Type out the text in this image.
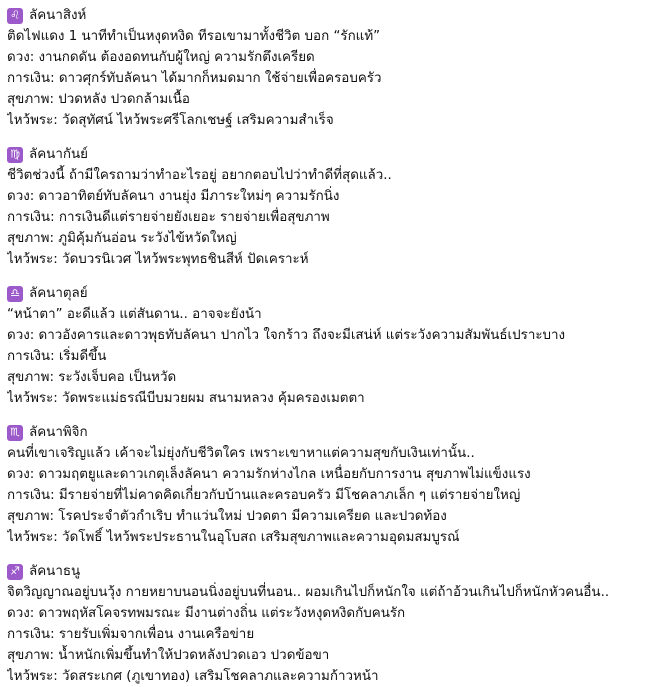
♌ ลัคนาสิงห์
ติดไฟแดง 1 นาทีทำเป็นหงุดหงิด ทีรอเขามาทั้งชีวิต บอก “รักแท้”
ดวง: งานกดดัน ต้องอดทนกับผู้ใหญ่ ความรักตึงเครียด
การเงิน: ดาวศุกร์ทับลัคนา ได้มากก็หมดมาก ใช้จ่ายเพื่อครอบครัว
สุขภาพ: ปวดหลัง ปวดกล้ามเนื้อ
ไหว้พระ: วัดสุทัศน์ ไหว้พระศรีโลกเชษฐ์ เสริมความสำเร็จ
♍ ลัคนากันย์
ชีวิตช่วงนี้ ถ้ามีใครถามว่าทำอะไรอยู่ อยากตอบไปว่าทำดีที่สุดแล้ว..
ดวง: ดาวอาทิตย์ทับลัคนา งานยุ่ง มีภาระใหม่ๆ ความรักนิ่ง
การเงิน: การเงินดีแต่รายจ่ายยังเยอะ รายจ่ายเพื่อสุขภาพ
สุขภาพ: ภูมิคุ้มกันอ่อน ระวังไข้หวัดใหญ่
ไหว้พระ: วัดบวรนิเวศ ไหว้พระพุทธชินสีห์ ปัดเคราะห์
♎ ลัคนาตุลย์
“หน้าตา” อะดีแล้ว แต่สันดาน.. อาจจะยังน้า
ดวง: ดาวอังคารและดาวพุธทับลัคนา ปากไว ใจกร้าว ถึงจะมีเสน่ห์ แต่ระวังความสัมพันธ์เปราะบาง
การเงิน: เริ่มดีขึ้น
สุขภาพ: ระวังเจ็บคอ เป็นหวัด
ไหว้พระ: วัดพระแม่ธรณีบีบมวยผม สนามหลวง คุ้มครองเมตตา
♏ ลัคนาพิจิก
คนที่เขาเจริญแล้ว เค้าจะไม่ยุ่งกับชีวิตใคร เพราะเขาหาแต่ความสุขกับเงินเท่านั้น..
ดวง: ดาวมฤตยูและดาวเกตุเล็งลัคนา ความรักห่างไกล เหนื่อยกับการงาน สุขภาพไม่แข็งแรง
การเงิน: มีรายจ่ายที่ไม่คาดคิดเกี่ยวกับบ้านและครอบครัว มีโชคลาภเล็ก ๆ แต่รายจ่ายใหญ่
สุขภาพ: โรคประจำตัวกำเริบ ทำแว่นใหม่ ปวดตา มีความเครียด และปวดท้อง
ไหว้พระ: วัดโพธิ์ ไหว้พระประธานในอุโบสถ เสริมสุขภาพและความอุดมสมบูรณ์
♐ ลัคนาธนู
จิตวิญญาณอยู่บนวุ้ง กายหยาบนอนนิ่งอยู่บนที่นอน.. ผอมเกินไปก็หนักใจ แต่ถ้าอ้วนเกินไปก็หนักหัวคนอื่น..
ดวง: ดาวพฤหัสโคจรทพมรณะ มีงานต่างถิ่น แต่ระวังหงุดหงิดกับคนรัก
การเงิน: รายรับเพิ่มจากเพื่อน งานเครือข่าย
สุขภาพ: น้ำหนักเพิ่มขึ้นทำให้ปวดหลังปวดเอว ปวดข้อขา
ไหว้พระ: วัดสระเกศ (ภูเขาทอง) เสริมโชคลาภและความก้าวหน้า
